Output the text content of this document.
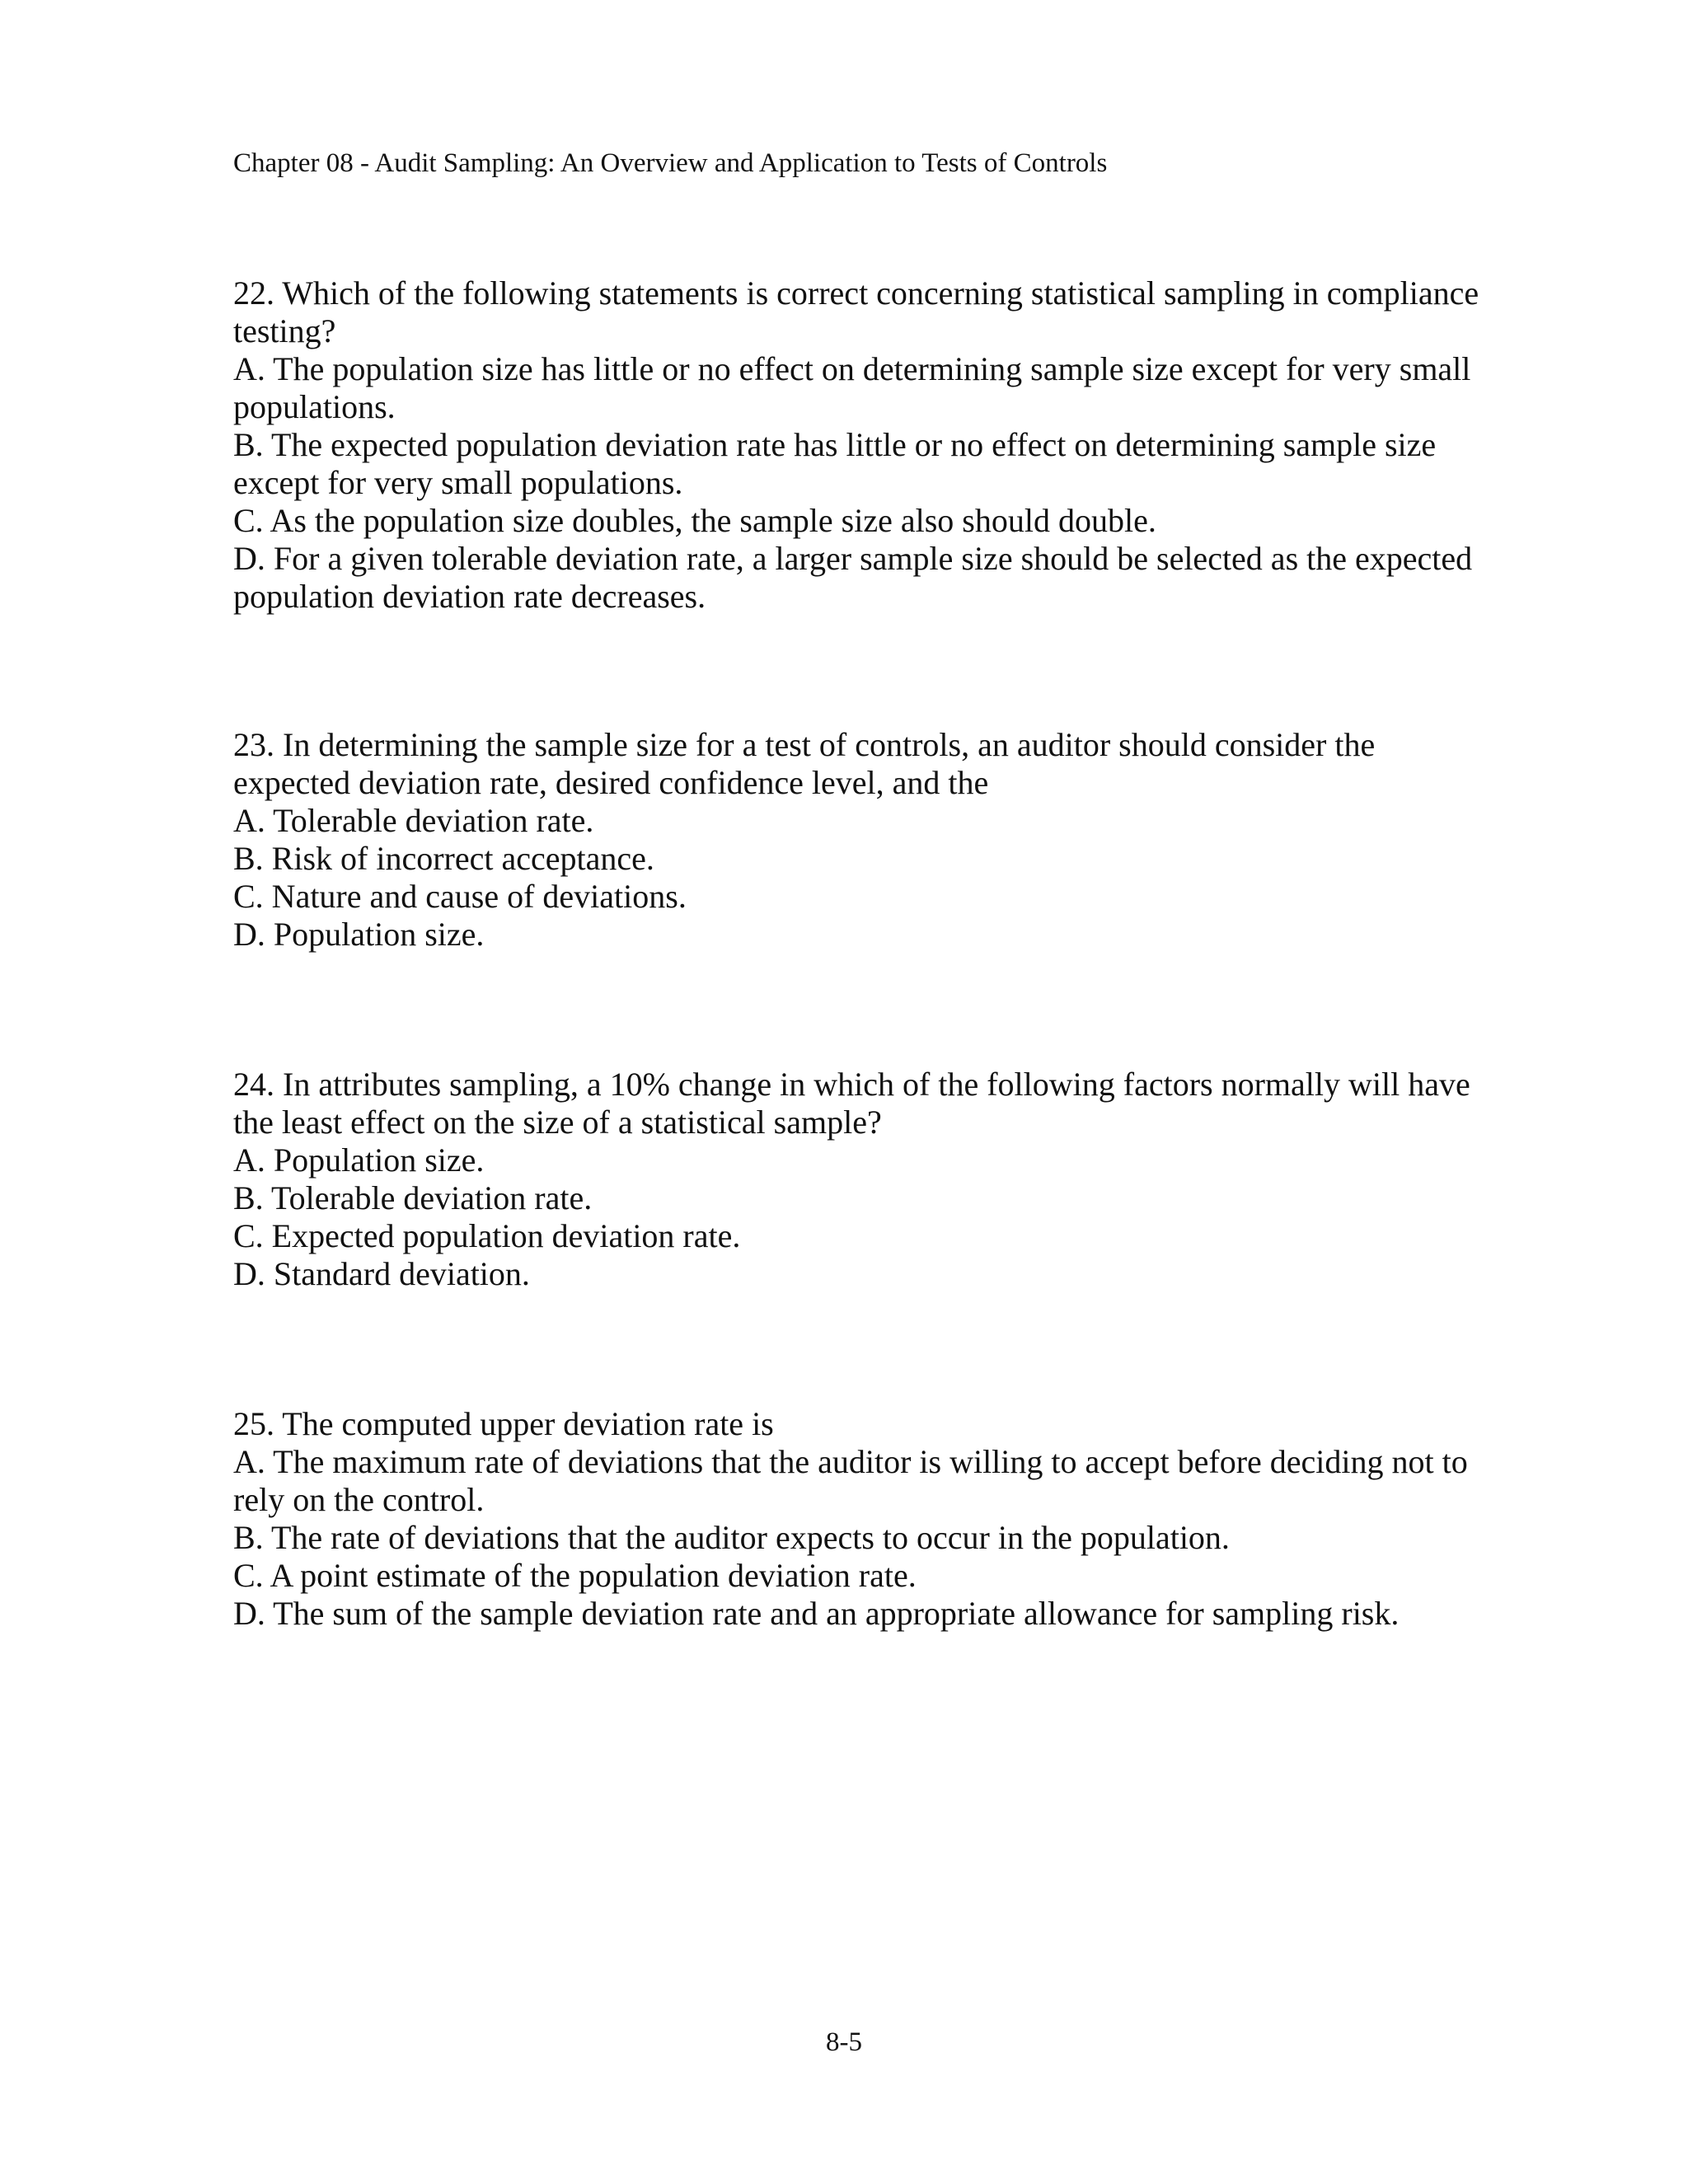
Chapter 08 - Audit Sampling: An Overview and Application to Tests of Controls

22. Which of the following statements is correct concerning statistical sampling in compliance testing?

A. The population size has little or no effect on determining sample size except for very small populations.

B. The expected population deviation rate has little or no effect on determining sample size except for very small populations.

C. As the population size doubles, the sample size also should double.

D. For a given tolerable deviation rate, a larger sample size should be selected as the expected population deviation rate decreases.

23. In determining the sample size for a test of controls, an auditor should consider the expected deviation rate, desired confidence level, and the

A. Tolerable deviation rate.

B. Risk of incorrect acceptance.

C. Nature and cause of deviations.

D. Population size.

24. In attributes sampling, a 10% change in which of the following factors normally will have the least effect on the size of a statistical sample?

A. Population size.

B. Tolerable deviation rate.

C. Expected population deviation rate.

D. Standard deviation.

25. The computed upper deviation rate is

A. The maximum rate of deviations that the auditor is willing to accept before deciding not to rely on the control.

B. The rate of deviations that the auditor expects to occur in the population.

C. A point estimate of the population deviation rate.

D. The sum of the sample deviation rate and an appropriate allowance for sampling risk.

8-5
